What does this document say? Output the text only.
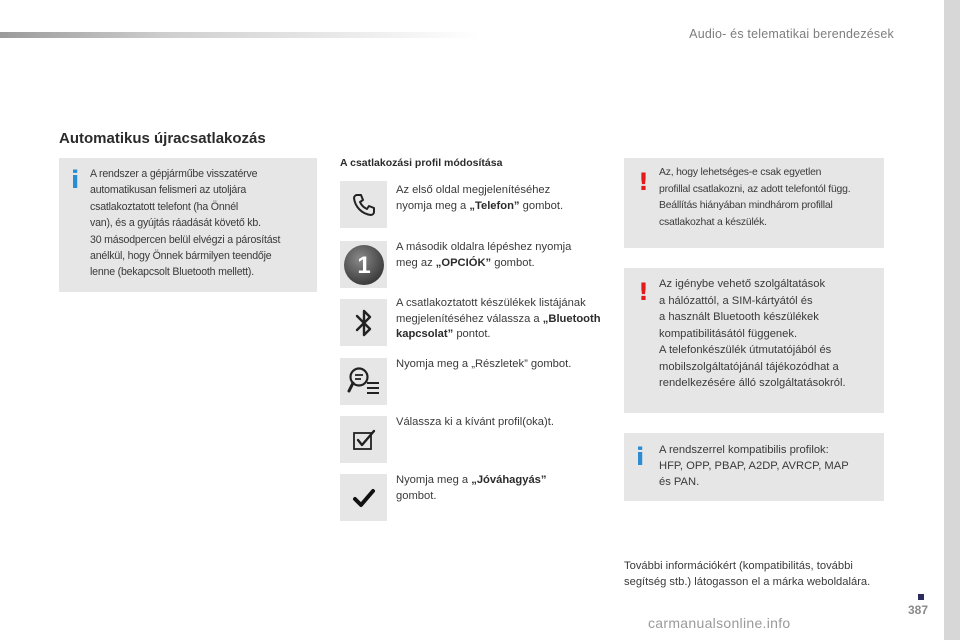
Audio- és telematikai berendezések
Automatikus újracsatlakozás
i A rendszer a gépjárműbe visszatérve
automatikusan felismeri az utoljára
csatlakoztatott telefont (ha Önnél
van), és a gyújtás ráadását követő kb.
30 másodpercen belül elvégzi a párosítást
anélkül, hogy Önnek bármilyen teendője
lenne (bekapcsolt Bluetooth mellett).
A csatlakozási profil módosítása
Az első oldal megjelenítéséhez nyomja meg a „Telefon” gombot.
1
A második oldalra lépéshez nyomja meg az „OPCIÓK” gombot.
A csatlakoztatott készülékek listájának megjelenítéséhez válassza a „Bluetooth kapcsolat” pontot.
Nyomja meg a „Részletek” gombot.
Válassza ki a kívánt profil(oka)t.
Nyomja meg a „Jóváhagyás” gombot.
! Az, hogy lehetséges-e csak egyetlen
profillal csatlakozni, az adott telefontól függ.
Beállítás hiányában mindhárom profillal
csatlakozhat a készülék.
! Az igénybe vehető szolgáltatások
a hálózattól, a SIM-kártyától és
a használt Bluetooth készülékek
kompatibilitásától függenek.
A telefonkészülék útmutatójából és
mobilszolgáltatójánál tájékozódhat a
rendelkezésére álló szolgáltatásokról.
i A rendszerrel kompatibilis profilok:
HFP, OPP, PBAP, A2DP, AVRCP, MAP
és PAN.
További információkért (kompatibilitás, további segítség stb.) látogasson el a márka weboldalára.
387
carmanualsonline.info
